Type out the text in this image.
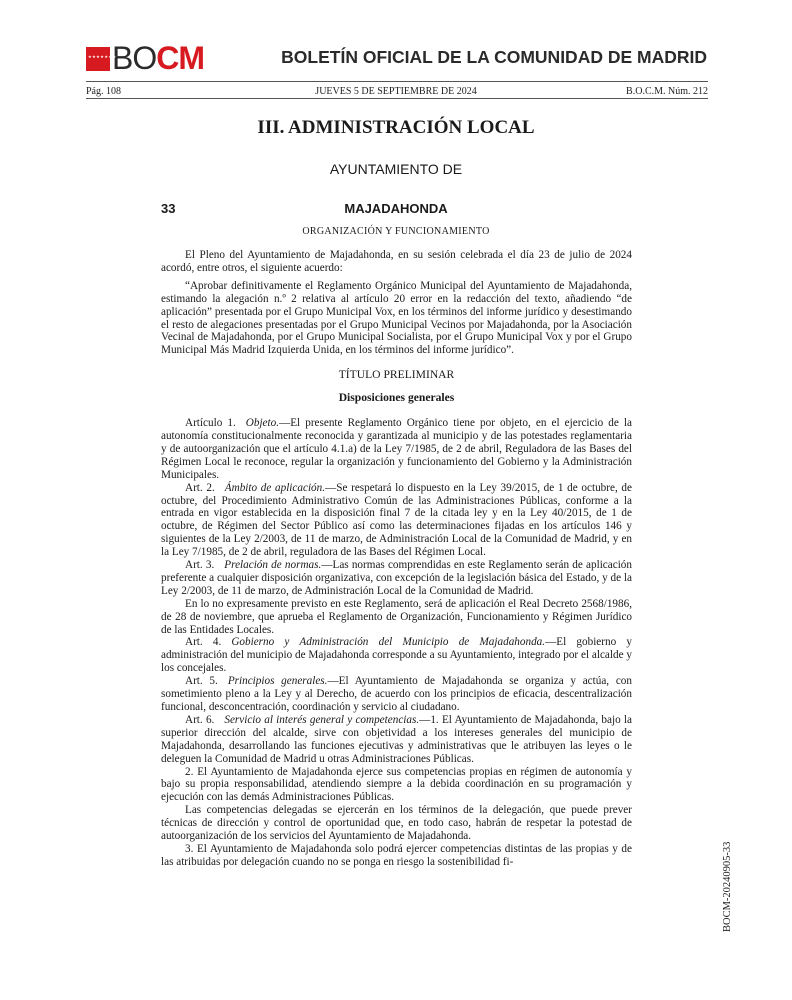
★★★★★★★
BO CM	BOLETÍN OFICIAL DE LA COMUNIDAD DE MADRID
Pág. 108	JUEVES 5 DE SEPTIEMBRE DE 2024	B.O.C.M. Núm. 212
III. ADMINISTRACIÓN LOCAL
AYUNTAMIENTO DE
33	MAJADAHONDA
ORGANIZACIÓN Y FUNCIONAMIENTO

El Pleno del Ayuntamiento de Majadahonda, en su sesión celebrada el día 23 de julio de 2024 acordó, entre otros, el siguiente acuerdo:

“Aprobar definitivamente el Reglamento Orgánico Municipal del Ayuntamiento de Majadahonda, estimando la alegación n.º 2 relativa al artículo 20 error en la redacción del texto, añadiendo “de aplicación” presentada por el Grupo Municipal Vox, en los términos del informe jurídico y desestimando el resto de alegaciones presentadas por el Grupo Municipal Vecinos por Majadahonda, por la Asociación Vecinal de Majadahonda, por el Grupo Municipal Socialista, por el Grupo Municipal Vox y por el Grupo Municipal Más Madrid Izquierda Unida, en los términos del informe jurídico”.

TÍTULO PRELIMINAR

Disposiciones generales

Artículo 1. Objeto.—El presente Reglamento Orgánico tiene por objeto, en el ejercicio de la autonomía constitucionalmente reconocida y garantizada al municipio y de las potestades reglamentaria y de autoorganización que el artículo 4.1.a) de la Ley 7/1985, de 2 de abril, Reguladora de las Bases del Régimen Local le reconoce, regular la organización y funcionamiento del Gobierno y la Administración Municipales.

Art. 2. Ámbito de aplicación.—Se respetará lo dispuesto en la Ley 39/2015, de 1 de octubre, de octubre, del Procedimiento Administrativo Común de las Administraciones Públicas, conforme a la entrada en vigor establecida en la disposición final 7 de la citada ley y en la Ley 40/2015, de 1 de octubre, de Régimen del Sector Público así como las determinaciones fijadas en los artículos 146 y siguientes de la Ley 2/2003, de 11 de marzo, de Administración Local de la Comunidad de Madrid, y en la Ley 7/1985, de 2 de abril, reguladora de las Bases del Régimen Local.

Art. 3. Prelación de normas.—Las normas comprendidas en este Reglamento serán de aplicación preferente a cualquier disposición organizativa, con excepción de la legislación básica del Estado, y de la Ley 2/2003, de 11 de marzo, de Administración Local de la Comunidad de Madrid.

En lo no expresamente previsto en este Reglamento, será de aplicación el Real Decreto 2568/1986, de 28 de noviembre, que aprueba el Reglamento de Organización, Funcionamiento y Régimen Jurídico de las Entidades Locales.

Art. 4. Gobierno y Administración del Municipio de Majadahonda.—El gobierno y administración del municipio de Majadahonda corresponde a su Ayuntamiento, integrado por el alcalde y los concejales.

Art. 5. Principios generales.—El Ayuntamiento de Majadahonda se organiza y actúa, con sometimiento pleno a la Ley y al Derecho, de acuerdo con los principios de eficacia, descentralización funcional, desconcentración, coordinación y servicio al ciudadano.

Art. 6. Servicio al interés general y competencias.—1. El Ayuntamiento de Majadahonda, bajo la superior dirección del alcalde, sirve con objetividad a los intereses generales del municipio de Majadahonda, desarrollando las funciones ejecutivas y administrativas que le atribuyen las leyes o le deleguen la Comunidad de Madrid u otras Administraciones Públicas.

2. El Ayuntamiento de Majadahonda ejerce sus competencias propias en régimen de autonomía y bajo su propia responsabilidad, atendiendo siempre a la debida coordinación en su programación y ejecución con las demás Administraciones Públicas.

Las competencias delegadas se ejercerán en los términos de la delegación, que puede prever técnicas de dirección y control de oportunidad que, en todo caso, habrán de respetar la potestad de autoorganización de los servicios del Ayuntamiento de Majadahonda.

3. El Ayuntamiento de Majadahonda solo podrá ejercer competencias distintas de las propias y de las atribuidas por delegación cuando no se ponga en riesgo la sostenibilidad fi-	BOCM-20240905-33
